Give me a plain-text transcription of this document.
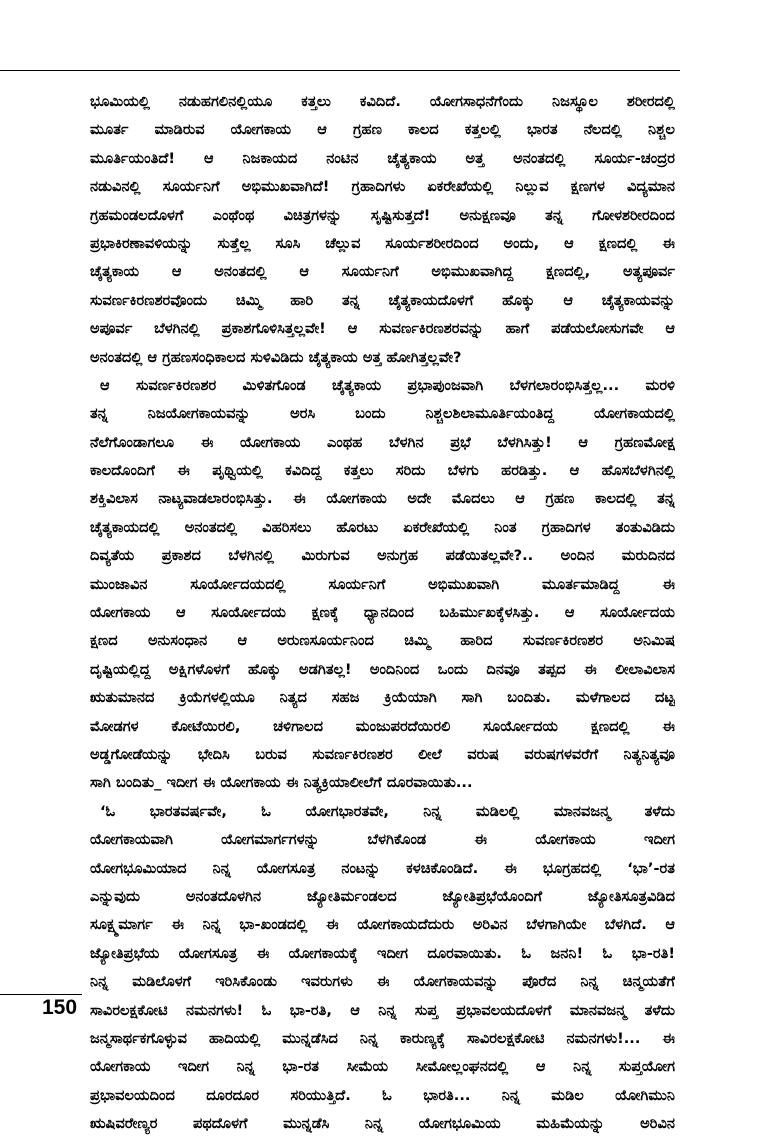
ಭೂಮಿಯಲ್ಲಿ ನಡುಹಗಲಿನಲ್ಲಿಯೂ ಕತ್ತಲು ಕವಿದಿದೆ. ಯೋಗಸಾಧನೆಗೆಂದು ನಿಜಸ್ಥೂಲ ಶರೀರದಲ್ಲಿ
ಮೂರ್ತ ಮಾಡಿರುವ ಯೋಗಕಾಯ ಆ ಗ್ರಹಣ ಕಾಲದ ಕತ್ತಲಲ್ಲಿ ಭಾರತ ನೆಲದಲ್ಲಿ ನಿಶ್ಚಲ
ಮೂರ್ತಿಯಂತಿದೆ! ಆ ನಿಜಕಾಯದ ನಂಟಿನ ಚೈತ್ಯಕಾಯ ಅತ್ತ ಅನಂತದಲ್ಲಿ ಸೂರ್ಯ-ಚಂದ್ರರ
ನಡುವಿನಲ್ಲಿ ಸೂರ್ಯನಿಗೆ ಅಭಿಮುಖವಾಗಿದೆ! ಗ್ರಹಾದಿಗಳು ಏಕರೇಖೆಯಲ್ಲಿ ನಿಲ್ಲುವ ಕ್ಷಣಗಳ ವಿದ್ಯಮಾನ
ಗ್ರಹಮಂಡಲದೊಳಗೆ ಎಂಥೆಂಥ ವಿಚಿತ್ರಗಳನ್ನು ಸೃಷ್ಟಿಸುತ್ತದೆ! ಅನುಕ್ಷಣವೂ ತನ್ನ ಗೋಳಶರೀರದಿಂದ
ಪ್ರಭಾಕಿರಣಾವಳಿಯನ್ನು ಸುತ್ತೆಲ್ಲ ಸೂಸಿ ಚೆಲ್ಲುವ ಸೂರ್ಯಶರೀರದಿಂದ ಅಂದು, ಆ ಕ್ಷಣದಲ್ಲಿ ಈ
ಚೈತ್ಯಕಾಯ ಆ ಅನಂತದಲ್ಲಿ ಆ ಸೂರ್ಯನಿಗೆ ಅಭಿಮುಖವಾಗಿದ್ದ ಕ್ಷಣದಲ್ಲಿ, ಅತ್ಯಪೂರ್ವ
ಸುವರ್ಣಕಿರಣಶರವೊಂದು ಚಿಮ್ಮಿ ಹಾರಿ ತನ್ನ ಚೈತ್ಯಕಾಯದೊಳಗೆ ಹೊಕ್ಕು ಆ ಚೈತ್ಯಕಾಯವನ್ನು
ಅಪೂರ್ವ ಬೆಳಗಿನಲ್ಲಿ ಪ್ರಕಾಶಗೊಳಿಸಿತ್ತಲ್ಲವೇ! ಆ ಸುವರ್ಣಕಿರಣಶರವನ್ನು ಹಾಗೆ ಪಡೆಯಲೋಸುಗವೇ ಆ
ಅನಂತದಲ್ಲಿ ಆ ಗ್ರಹಣಸಂಧಿಕಾಲದ ಸುಳಿವಿಡಿದು ಚೈತ್ಯಕಾಯ ಅತ್ತ ಹೋಗಿತ್ತಲ್ಲವೇ?
ಆ ಸುವರ್ಣಕಿರಣಶರ ಮಿಳಿತಗೊಂಡ ಚೈತ್ಯಕಾಯ ಪ್ರಭಾಪುಂಜವಾಗಿ ಬೆಳಗಲಾರಂಭಿಸಿತ್ತಲ್ಲ... ಮರಳಿ
ತನ್ನ ನಿಜಯೋಗಕಾಯವನ್ನು ಅರಸಿ ಬಂದು ನಿಶ್ಚಲಶಿಲಾಮೂರ್ತಿಯಂತಿದ್ದ ಯೋಗಕಾಯದಲ್ಲಿ
ನೆಲೆಗೊಂಡಾಗಲೂ ಈ ಯೋಗಕಾಯ ಎಂಥಹ ಬೆಳಗಿನ ಪ್ರಭೆ ಬೆಳಗಿಸಿತ್ತು! ಆ ಗ್ರಹಣಮೋಕ್ಷ
ಕಾಲದೊಂದಿಗೆ ಈ ಪೃಥ್ವಿಯಲ್ಲಿ ಕವಿದಿದ್ದ ಕತ್ತಲು ಸರಿದು ಬೆಳಗು ಹರಡಿತ್ತು. ಆ ಹೊಸಬೆಳಗಿನಲ್ಲಿ
ಶಕ್ತಿವಿಲಾಸ ನಾಟ್ಯವಾಡಲಾರಂಭಿಸಿತ್ತು. ಈ ಯೋಗಕಾಯ ಅದೇ ಮೊದಲು ಆ ಗ್ರಹಣ ಕಾಲದಲ್ಲಿ ತನ್ನ
ಚೈತ್ಯಕಾಯದಲ್ಲಿ ಅನಂತದಲ್ಲಿ ವಿಹರಿಸಲು ಹೊರಟು ಏಕರೇಖೆಯಲ್ಲಿ ನಿಂತ ಗ್ರಹಾದಿಗಳ ತಂತುವಿಡಿದು
ದಿವ್ಯತೆಯ ಪ್ರಕಾಶದ ಬೆಳಗಿನಲ್ಲಿ ಮಿರುಗುವ ಅನುಗ್ರಹ ಪಡೆಯಿತಲ್ಲವೇ?.. ಅಂದಿನ ಮರುದಿನದ
ಮುಂಜಾವಿನ ಸೂರ್ಯೋದಯದಲ್ಲಿ ಸೂರ್ಯನಿಗೆ ಅಭಿಮುಖವಾಗಿ ಮೂರ್ತಮಾಡಿದ್ದ ಈ
ಯೋಗಕಾಯ ಆ ಸೂರ್ಯೋದಯ ಕ್ಷಣಕ್ಕೆ ಧ್ಯಾನದಿಂದ ಬಹಿರ್ಮುಖಕ್ಕೆಳಸಿತ್ತು. ಆ ಸೂರ್ಯೋದಯ
ಕ್ಷಣದ ಅನುಸಂಧಾನ ಆ ಅರುಣಸೂರ್ಯನಿಂದ ಚಿಮ್ಮಿ ಹಾರಿದ ಸುವರ್ಣಕಿರಣಶರ ಅನಿಮಿಷ
ದೃಷ್ಟಿಯಲ್ಲಿದ್ದ ಅಕ್ಷಿಗಳೊಳಗೆ ಹೊಕ್ಕು ಅಡಗಿತಲ್ಲ! ಅಂದಿನಿಂದ ಒಂದು ದಿನವೂ ತಪ್ಪದ ಈ ಲೀಲಾವಿಲಾಸ
ಋತುಮಾನದ ಕ್ರಿಯೆಗಳಲ್ಲಿಯೂ ನಿತ್ಯದ ಸಹಜ ಕ್ರಿಯೆಯಾಗಿ ಸಾಗಿ ಬಂದಿತು. ಮಳೆಗಾಲದ ದಟ್ಟ
ಮೋಡಗಳ ಕೋಟೆಯಿರಲಿ, ಚಳಿಗಾಲದ ಮಂಜುಪರದೆಯಿರಲಿ ಸೂರ್ಯೋದಯ ಕ್ಷಣದಲ್ಲಿ ಈ
ಅಡ್ಡಗೋಡೆಯನ್ನು ಭೇದಿಸಿ ಬರುವ ಸುವರ್ಣಕಿರಣಶರ ಲೀಲೆ ವರುಷ ವರುಷಗಳವರೆಗೆ ನಿತ್ಯನಿತ್ಯವೂ
ಸಾಗಿ ಬಂದಿತು_ ಇದೀಗ ಈ ಯೋಗಕಾಯ ಈ ನಿತ್ಯಕ್ರಿಯಾಲೀಲೆಗೆ ದೂರವಾಯಿತು...
‘ಓ ಭಾರತವರ್ಷವೇ, ಓ ಯೋಗಭಾರತವೇ, ನಿನ್ನ ಮಡಿಲಲ್ಲಿ ಮಾನವಜನ್ಮ ತಳೆದು
ಯೋಗಕಾಯವಾಗಿ ಯೋಗಮಾರ್ಗಗಳನ್ನು ಬೆಳಗಿಕೊಂಡ ಈ ಯೋಗಕಾಯ ಇದೀಗ
ಯೋಗಭೂಮಿಯಾದ ನಿನ್ನ ಯೋಗಸೂತ್ರ ನಂಟನ್ನು ಕಳಚಿಕೊಂಡಿದೆ. ಈ ಭೂಗ್ರಹದಲ್ಲಿ ‘ಭಾ’-ರತ
ಎನ್ನುವುದು ಅನಂತದೊಳಗಿನ ಜ್ಯೋತಿರ್ಮಂಡಲದ ಜ್ಯೋತಿಪ್ರಭೆಯೊಂದಿಗೆ ಜ್ಯೋತಿಸೂತ್ರವಿಡಿದ
ಸೂಕ್ಷ್ಮಮಾರ್ಗ ಈ ನಿನ್ನ ಭಾ-ಖಂಡದಲ್ಲಿ ಈ ಯೋಗಕಾಯದೆದುರು ಅರಿವಿನ ಬೆಳಗಾಗಿಯೇ ಬೆಳಗಿದೆ. ಆ
ಜ್ಯೋತಿಪ್ರಭೆಯ ಯೋಗಸೂತ್ರ ಈ ಯೋಗಕಾಯಕ್ಕೆ ಇದೀಗ ದೂರವಾಯಿತು. ಓ ಜನನಿ! ಓ ಭಾ-ರತಿ!
ನಿನ್ನ ಮಡಿಲೊಳಗೆ ಇರಿಸಿಕೊಂಡು ಇವರುಗಳು ಈ ಯೋಗಕಾಯವನ್ನು ಪೊರೆದ ನಿನ್ನ ಚಿನ್ಮಯತೆಗೆ
ಸಾವಿರಲಕ್ಷಕೋಟಿ ನಮನಗಳು! ಓ ಭಾ-ರತಿ, ಆ ನಿನ್ನ ಸುಪ್ತ ಪ್ರಭಾವಲಯದೊಳಗೆ ಮಾನವಜನ್ಮ ತಳೆದು
ಜನ್ಮಸಾರ್ಥಕಗೊಳ್ಳುವ ಹಾದಿಯಲ್ಲಿ ಮುನ್ನಡೆಸಿದ ನಿನ್ನ ಕಾರುಣ್ಯಕ್ಕೆ ಸಾವಿರಲಕ್ಷಕೋಟಿ ನಮನಗಳು!... ಈ
ಯೋಗಕಾಯ ಇದೀಗ ನಿನ್ನ ಭಾ-ರತ ಸೀಮೆಯ ಸೀಮೋಲ್ಲಂಘನದಲ್ಲಿ ಆ ನಿನ್ನ ಸುಪ್ತಯೋಗ
ಪ್ರಭಾವಲಯದಿಂದ ದೂರದೂರ ಸರಿಯುತ್ತಿದೆ. ಓ ಭಾರತಿ... ನಿನ್ನ ಮಡಿಲ ಯೋಗಿಮುನಿ
ಋಷಿವರೇಣ್ಯರ ಪಥದೊಳಗೆ ಮುನ್ನಡೆಸಿ ನಿನ್ನ ಯೋಗಭೂಮಿಯ ಮಹಿಮೆಯನ್ನು ಅರಿವಿನ
150
